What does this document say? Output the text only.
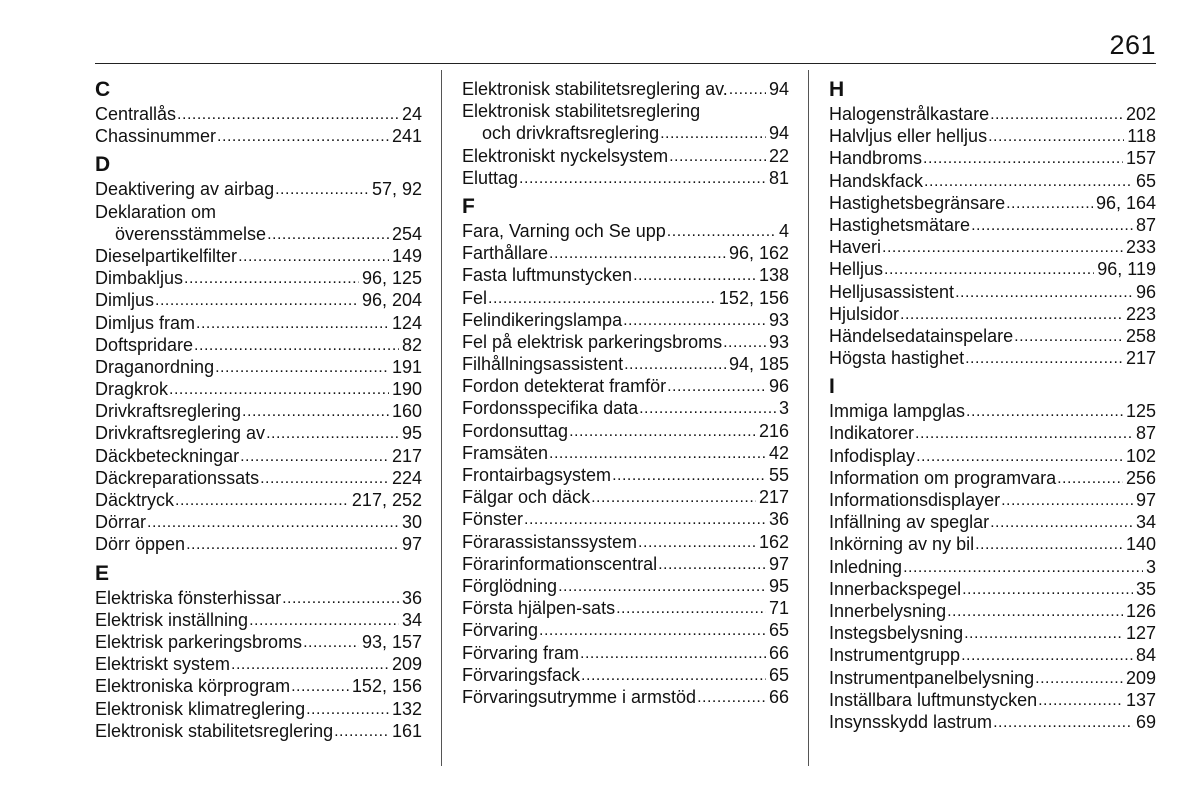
261
C
Centrallås .....	24
Chassinummer .....	241
D
Deaktivering av airbag .....	57, 92
Deklaration om
överensstämmelse .....	254
Dieselpartikelfilter .....	149
Dimbakljus .....	96, 125
Dimljus .....	96, 204
Dimljus fram .....	124
Doftspridare .....	82
Draganordning .....	191
Dragkrok .....	190
Drivkraftsreglering .....	160
Drivkraftsreglering av .....	95
Däckbeteckningar .....	217
Däckreparationssats .....	224
Däcktryck .....	217, 252
Dörrar .....	30
Dörr öppen .....	97
E
Elektriska fönsterhissar .....	36
Elektrisk inställning .....	34
Elektrisk parkeringsbroms .....	93, 157
Elektriskt system .....	209
Elektroniska körprogram .....	152, 156
Elektronisk klimatreglering .....	132
Elektronisk stabilitetsreglering .....	161
Elektronisk stabilitetsreglering av. ..... 94
Elektronisk stabilitetsreglering
och drivkraftsreglering .....	94
Elektroniskt nyckelsystem .....	22
Eluttag .....	81
F
Fara, Varning och Se upp .....	4
Farthållare .....	96, 162
Fasta luftmunstycken .....	138
Fel .....	152, 156
Felindikeringslampa .....	93
Fel på elektrisk parkeringsbroms .....	93
Filhållningsassistent .....	94, 185
Fordon detekterat framför .....	96
Fordonsspecifika data .....	3
Fordonsuttag .....	216
Framsäten .....	42
Frontairbagsystem .....	55
Fälgar och däck .....	217
Fönster .....	36
Förarassistanssystem .....	162
Förarinformationscentral .....	97
Förglödning .....	95
Första hjälpen-sats .....	71
Förvaring .....	65
Förvaring fram .....	66
Förvaringsfack .....	65
Förvaringsutrymme i armstöd .....	66
H
Halogenstrålkastare .....	202
Halvljus eller helljus .....	118
Handbroms .....	157
Handskfack .....	65
Hastighetsbegränsare .....	96, 164
Hastighetsmätare .....	87
Haveri .....	233
Helljus .....	96, 119
Helljusassistent .....	96
Hjulsidor .....	223
Händelsedatainspelare .....	258
Högsta hastighet .....	217
I
Immiga lampglas .....	125
Indikatorer .....	87
Infodisplay .....	102
Information om programvara .....	256
Informationsdisplayer .....	97
Infällning av speglar .....	34
Inkörning av ny bil .....	140
Inledning .....	3
Innerbackspegel .....	35
Innerbelysning .....	126
Instegsbelysning .....	127
Instrumentgrupp .....	84
Instrumentpanelbelysning .....	209
Inställbara luftmunstycken .....	137
Insynsskydd lastrum .....	69
